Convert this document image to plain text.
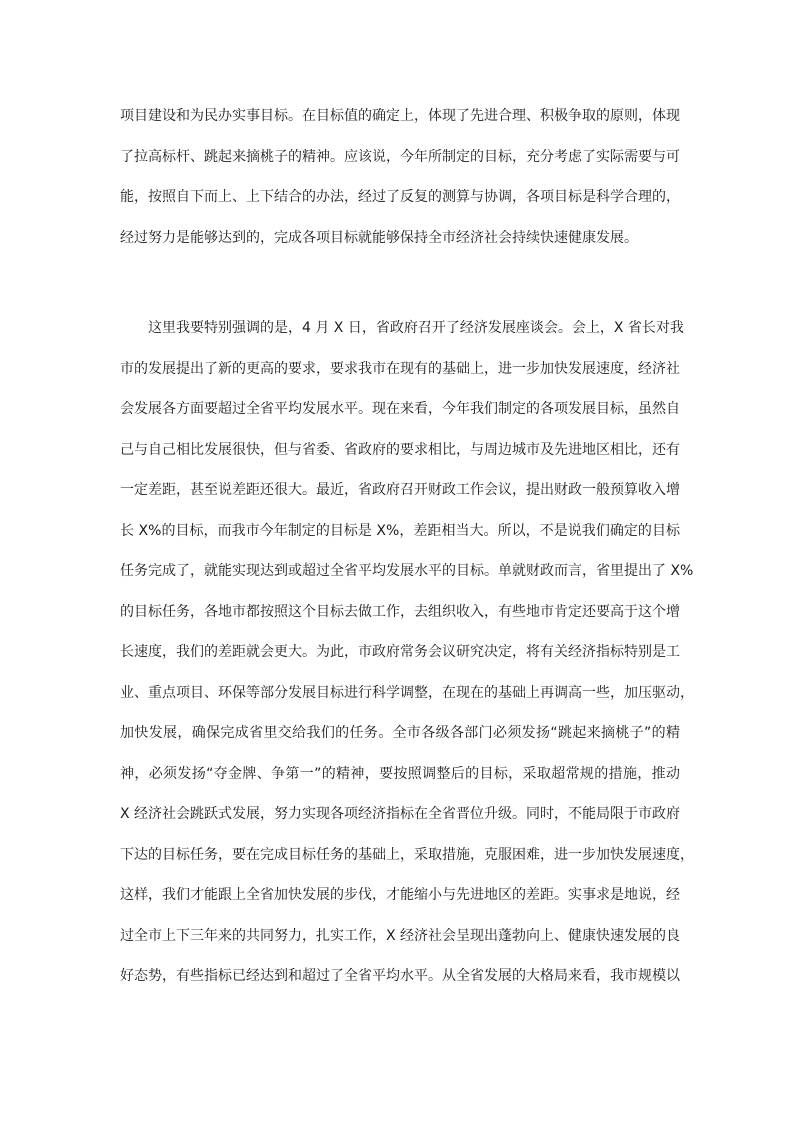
项目建设和为民办实事目标。在目标值的确定上，体现了先进合理、积极争取的原则，体现
了拉高标杆、跳起来摘桃子的精神。应该说，今年所制定的目标，充分考虑了实际需要与可
能，按照自下而上、上下结合的办法，经过了反复的测算与协调，各项目标是科学合理的，
经过努力是能够达到的，完成各项目标就能够保持全市经济社会持续快速健康发展。
这里我要特别强调的是，4 月 X 日，省政府召开了经济发展座谈会。会上，X 省长对我
市的发展提出了新的更高的要求，要求我市在现有的基础上，进一步加快发展速度，经济社
会发展各方面要超过全省平均发展水平。现在来看，今年我们制定的各项发展目标，虽然自
己与自己相比发展很快，但与省委、省政府的要求相比，与周边城市及先进地区相比，还有
一定差距，甚至说差距还很大。最近，省政府召开财政工作会议，提出财政一般预算收入增
长 X%的目标，而我市今年制定的目标是 X%，差距相当大。所以，不是说我们确定的目标
任务完成了，就能实现达到或超过全省平均发展水平的目标。单就财政而言，省里提出了 X%
的目标任务，各地市都按照这个目标去做工作，去组织收入，有些地市肯定还要高于这个增
长速度，我们的差距就会更大。为此，市政府常务会议研究决定，将有关经济指标特别是工
业、重点项目、环保等部分发展目标进行科学调整，在现在的基础上再调高一些，加压驱动，
加快发展，确保完成省里交给我们的任务。全市各级各部门必须发扬“跳起来摘桃子”的精
神，必须发扬“夺金牌、争第一”的精神，要按照调整后的目标，采取超常规的措施，推动
X 经济社会跳跃式发展，努力实现各项经济指标在全省晋位升级。同时，不能局限于市政府
下达的目标任务，要在完成目标任务的基础上，采取措施，克服困难，进一步加快发展速度，
这样，我们才能跟上全省加快发展的步伐，才能缩小与先进地区的差距。实事求是地说，经
过全市上下三年来的共同努力，扎实工作，X 经济社会呈现出蓬勃向上、健康快速发展的良
好态势，有些指标已经达到和超过了全省平均水平。从全省发展的大格局来看，我市规模以
